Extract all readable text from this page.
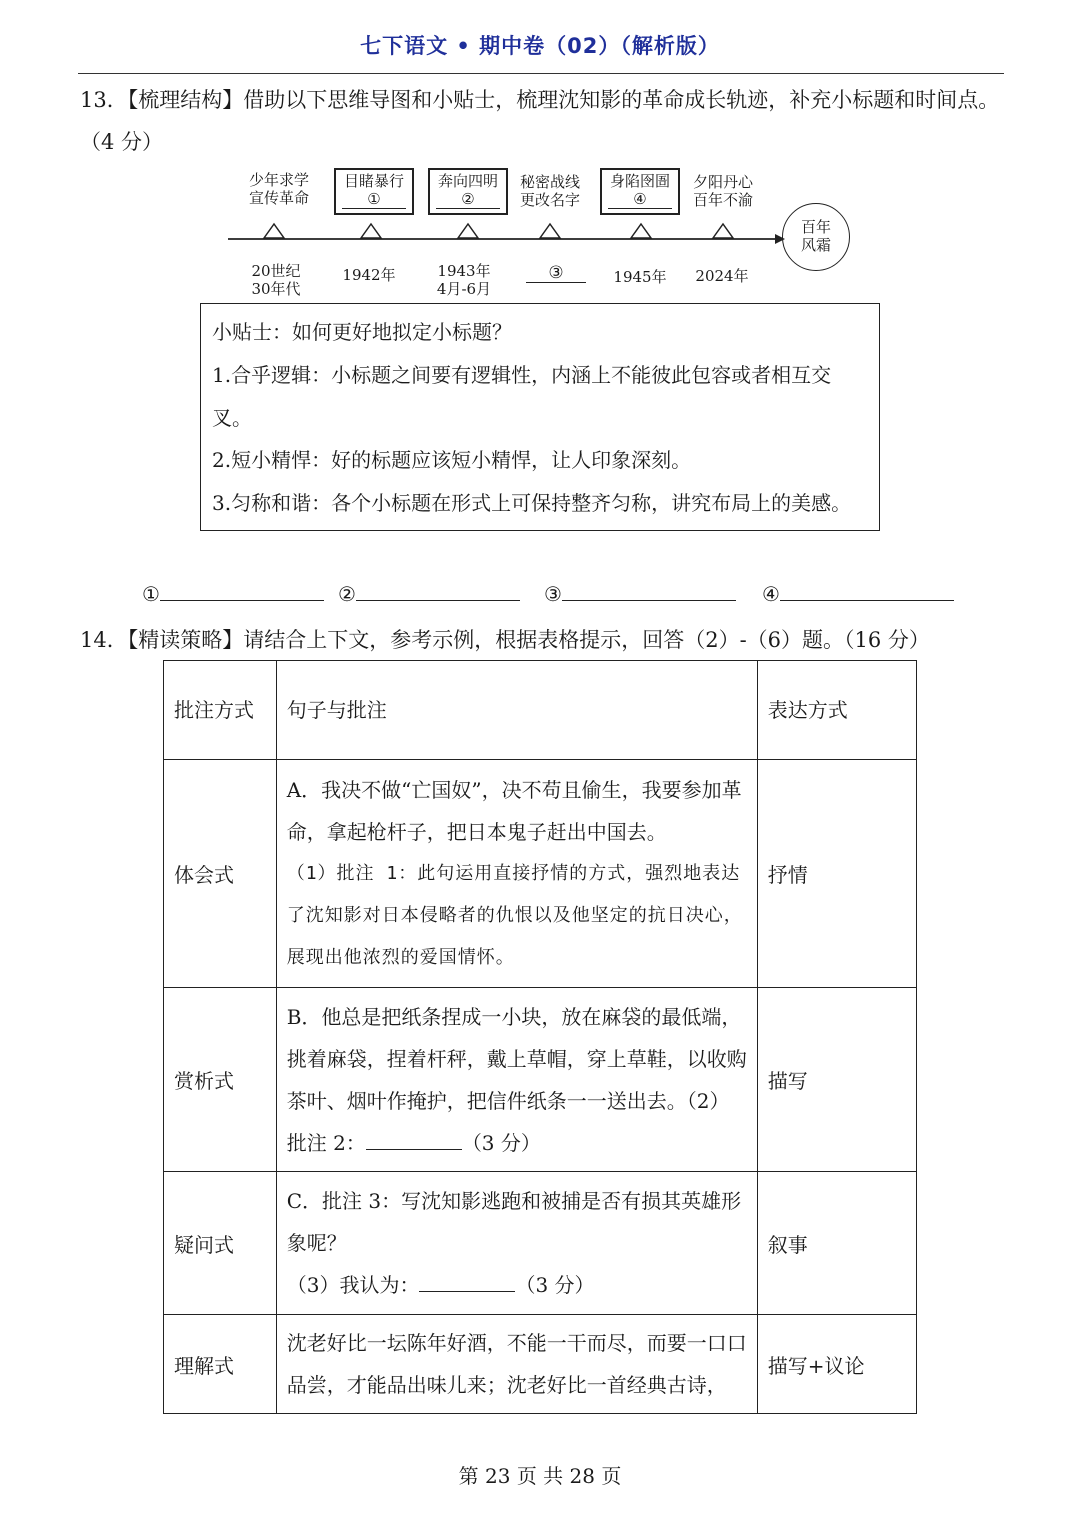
七下语文 • 期中卷（02）（解析版）
13．【梳理结构】借助以下思维导图和小贴士，梳理沈知影的革命成长轨迹，补充小标题和时间点。
（4 分）
少年求学
宣传革命
目睹暴行
①
奔向四明
②
秘密战线
更改名字
身陷囹圄
④
夕阳丹心
百年不渝
百年
风霜
20世纪
30年代
1942年	1943年
4月-6月
③	1945年	2024年
小贴士：如何更好地拟定小标题？
1.合乎逻辑：小标题之间要有逻辑性，内涵上不能彼此包容或者相互交
叉。
2.短小精悍：好的标题应该短小精悍，让人印象深刻。
3.匀称和谐：各个小标题在形式上可保持整齐匀称，讲究布局上的美感。
①	②	③	④
14．【精读策略】请结合上下文，参考示例，根据表格提示，回答（2）-（6）题。（16 分）
批注方式	句子与批注	表达方式

体会式	A．我决不做“亡国奴”，决不苟且偷生，我要参加革命，拿起枪杆子，把日本鬼子赶出中国去。
（1）批注 1：此句运用直接抒情的方式，强烈地表达了沈知影对日本侵略者的仇恨以及他坚定的抗日决心，展现出他浓烈的爱国情怀。	抒情

赏析式	B．他总是把纸条捏成一小块，放在麻袋的最低端，挑着麻袋，捏着杆秤，戴上草帽，穿上草鞋，以收购茶叶、烟叶作掩护，把信件纸条一一送出去。（2）
批注 2： （3 分）	描写

疑问式	C．批注 3：写沈知影逃跑和被捕是否有损其英雄形象呢？
（3）我认为： （3 分）	叙事

理解式	沈老好比一坛陈年好酒，不能一干而尽，而要一口口品尝，才能品出味儿来；沈老好比一首经典古诗，	描写+议论
第 23 页 共 28 页
